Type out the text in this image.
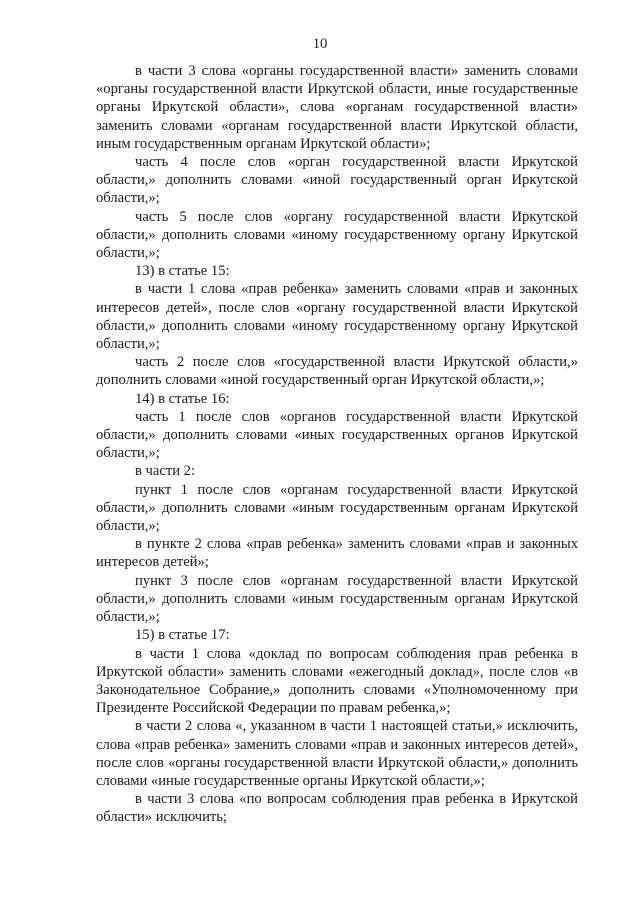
10

в части 3 слова «органы государственной власти» заменить словами «органы государственной власти Иркутской области, иные государственные органы Иркутской области», слова «органам государственной власти» заменить словами «органам государственной власти Иркутской области, иным государственным органам Иркутской области»;

часть 4 после слов «орган государственной власти Иркутской области,» дополнить словами «иной государственный орган Иркутской области,»;

часть 5 после слов «органу государственной власти Иркутской области,» дополнить словами «иному государственному органу Иркутской области,»;

13) в статье 15:

в части 1 слова «прав ребенка» заменить словами «прав и законных интересов детей», после слов «органу государственной власти Иркутской области,» дополнить словами «иному государственному органу Иркутской области,»;

часть 2 после слов «государственной власти Иркутской области,» дополнить словами «иной государственный орган Иркутской области,»;

14) в статье 16:

часть 1 после слов «органов государственной власти Иркутской области,» дополнить словами «иных государственных органов Иркутской области,»;

в части 2:

пункт 1 после слов «органам государственной власти Иркутской области,» дополнить словами «иным государственным органам Иркутской области,»;

в пункте 2 слова «прав ребенка» заменить словами «прав и законных интересов детей»;

пункт 3 после слов «органам государственной власти Иркутской области,» дополнить словами «иным государственным органам Иркутской области,»;

15) в статье 17:

в части 1 слова «доклад по вопросам соблюдения прав ребенка в Иркутской области» заменить словами «ежегодный доклад», после слов «в Законодательное Собрание,» дополнить словами «Уполномоченному при Президенте Российской Федерации по правам ребенка,»;

в части 2 слова «, указанном в части 1 настоящей статьи,» исключить, слова «прав ребенка» заменить словами «прав и законных интересов детей», после слов «органы государственной власти Иркутской области,» дополнить словами «иные государственные органы Иркутской области,»;

в части 3 слова «по вопросам соблюдения прав ребенка в Иркутской области» исключить;
